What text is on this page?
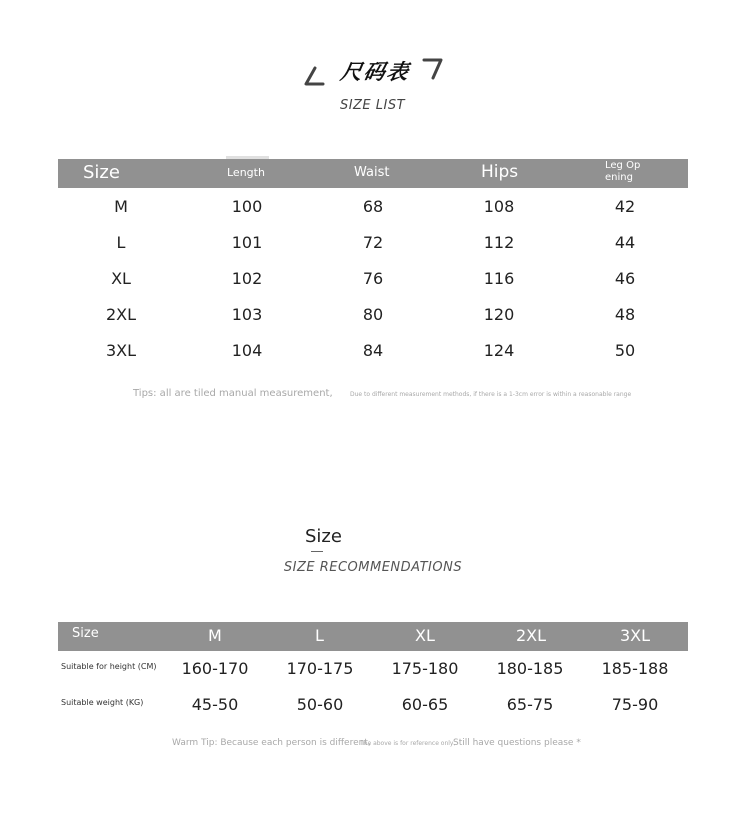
尺码表
SIZE LIST
Size	Length	Waist	Hips	Leg Op
ening
M	100	68	108	42
L	101	72	112	44
XL	102	76	116	46
2XL	103	80	120	48
3XL	104	84	124	50
Tips: all are tiled manual measurement,	Due to different measurement methods, if there is a 1-3cm error is within a reasonable range
Size
SIZE RECOMMENDATIONS
Size	M	L	XL	2XL	3XL
Suitable for height (CM)	160-170	170-175	175-180	180-185	185-188
Suitable weight (KG)	45-50	50-60	60-65	65-75	75-90
Warm Tip: Because each person is different,
The above is for reference only,
Still have questions please *
